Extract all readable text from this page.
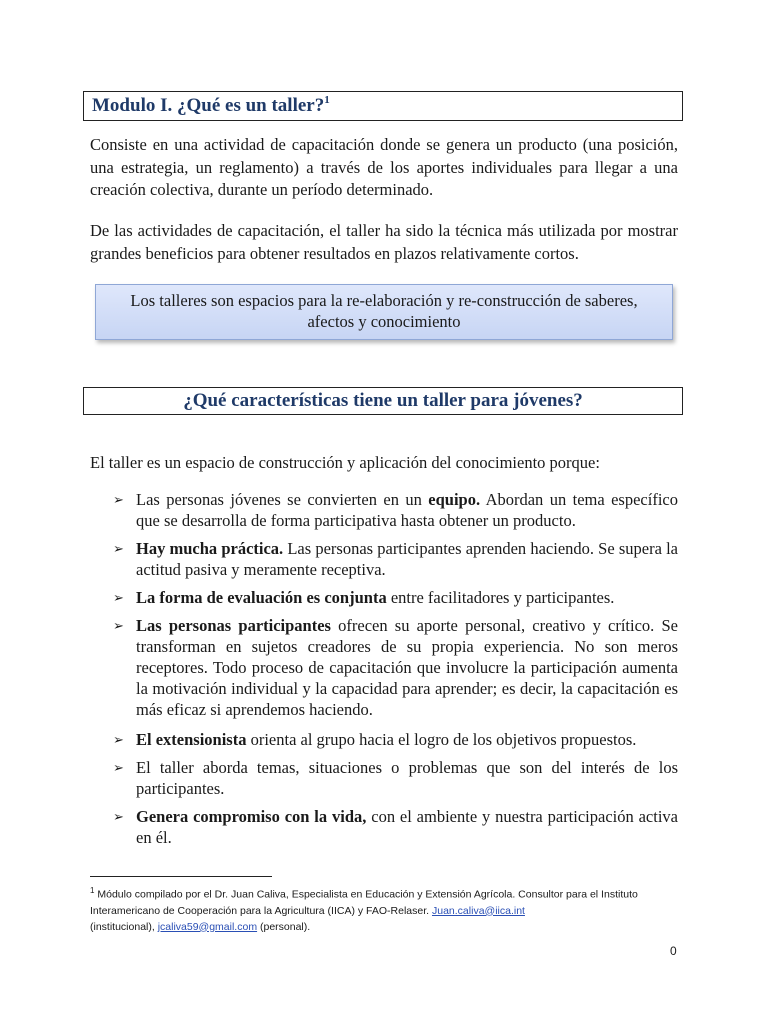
Modulo I. ¿Qué es un taller?$^1$

Consiste en una actividad de capacitación donde se genera un producto (una posición, una estrategia, un reglamento) a través de los aportes individuales para llegar a una creación colectiva, durante un período determinado.

De las actividades de capacitación, el taller ha sido la técnica más utilizada por mostrar grandes beneficios para obtener resultados en plazos relativamente cortos.

Los talleres son espacios para la re-elaboración y re-construcción de saberes,
afectos y conocimiento
¿Qué características tiene un taller para jóvenes?

El taller es un espacio de construcción y aplicación del conocimiento porque:

➢ Las personas jóvenes se convierten en un equipo. Abordan un tema específico que se desarrolla de forma participativa hasta obtener un producto.
➢ Hay mucha práctica. Las personas participantes aprenden haciendo. Se supera la actitud pasiva y meramente receptiva.
➢ La forma de evaluación es conjunta entre facilitadores y participantes.
➢ Las personas participantes ofrecen su aporte personal, creativo y crítico. Se transforman en sujetos creadores de su propia experiencia. No son meros receptores. Todo proceso de capacitación que involucre la participación aumenta la motivación individual y la capacidad para aprender; es decir, la capacitación es más eficaz si aprendemos haciendo.
➢ El extensionista orienta al grupo hacia el logro de los objetivos propuestos.
➢ El taller aborda temas, situaciones o problemas que son del interés de los participantes.
➢ Genera compromiso con la vida, con el ambiente y nuestra participación activa en él.
$^1$ Módulo compilado por el Dr. Juan Caliva, Especialista en Educación y Extensión Agrícola. Consultor para el Instituto Interamericano de Cooperación para la Agricultura (IICA) y FAO-Relaser. Juan.caliva@iica.int
(institucional), jcaliva59@gmail.com (personal).
0
